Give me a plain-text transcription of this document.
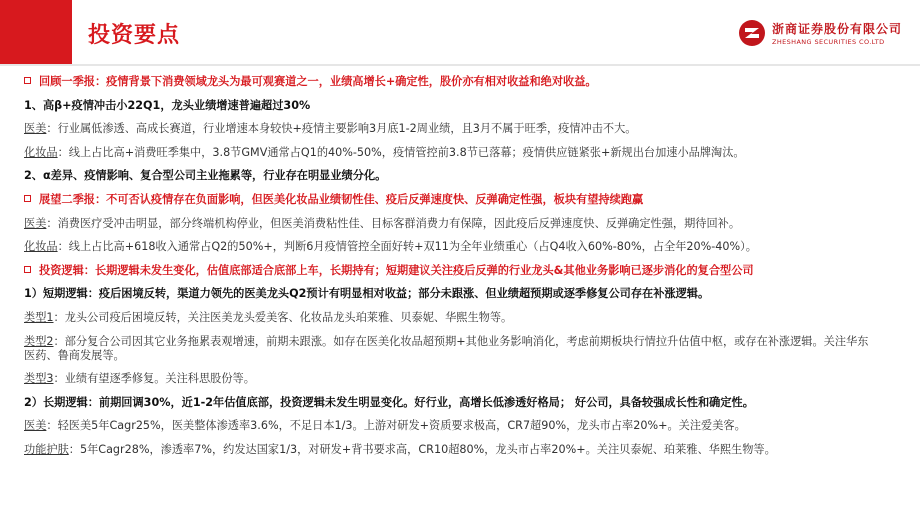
投资要点	浙商证券股份有限公司
ZHESHANG SECURITIES CO.LTD

回顾一季报：疫情背景下消费领域龙头为最可观赛道之一，业绩高增长+确定性，股价亦有相对收益和绝对收益。

1、高β+疫情冲击小22Q1，龙头业绩增速普遍超过30%

医美：行业属低渗透、高成长赛道，行业增速本身较快+疫情主要影响3月底1-2周业绩，且3月不属于旺季，疫情冲击不大。

化妆品：线上占比高+消费旺季集中，3.8节GMV通常占Q1的40%-50%，疫情管控前3.8节已落幕；疫情供应链紧张+新规出台加速小品牌淘汰。

2、α差异、疫情影响、复合型公司主业拖累等，行业存在明显业绩分化。

展望二季报：不可否认疫情存在负面影响，但医美化妆品业绩韧性佳、疫后反弹速度快、反弹确定性强，板块有望持续跑赢

医美：消费医疗受冲击明显，部分终端机构停业，但医美消费粘性佳、目标客群消费力有保障，因此疫后反弹速度快、反弹确定性强，期待回补。

化妆品：线上占比高+618收入通常占Q2的50%+，判断6月疫情管控全面好转+双11为全年业绩重心（占Q4收入60%-80%，占全年20%-40%）。

投资逻辑：长期逻辑未发生变化，估值底部适合底部上车，长期持有；短期建议关注疫后反弹的行业龙头&其他业务影响已逐步消化的复合型公司

1）短期逻辑：疫后困境反转，渠道力领先的医美龙头Q2预计有明显相对收益；部分未跟涨、但业绩超预期或逐季修复公司存在补涨逻辑。

类型1：龙头公司疫后困境反转，关注医美龙头爱美客、化妆品龙头珀莱雅、贝泰妮、华熙生物等。

类型2：部分复合公司因其它业务拖累表观增速，前期未跟涨。如存在医美化妆品超预期+其他业务影响消化，考虑前期板块行情拉升估值中枢，或存在补涨逻辑。关注华东医药、鲁商发展等。

类型3：业绩有望逐季修复。关注科思股份等。

2）长期逻辑：前期回调30%，近1-2年估值底部，投资逻辑未发生明显变化。好行业，高增长低渗透好格局； 好公司，具备较强成长性和确定性。

医美：轻医美5年Cagr25%，医美整体渗透率3.6%，不足日本1/3。上游对研发+资质要求极高，CR7超90%，龙头市占率20%+。关注爱美客。

功能护肤：5年Cagr28%，渗透率7%，约发达国家1/3，对研发+背书要求高，CR10超80%，龙头市占率20%+。关注贝泰妮、珀莱雅、华熙生物等。
